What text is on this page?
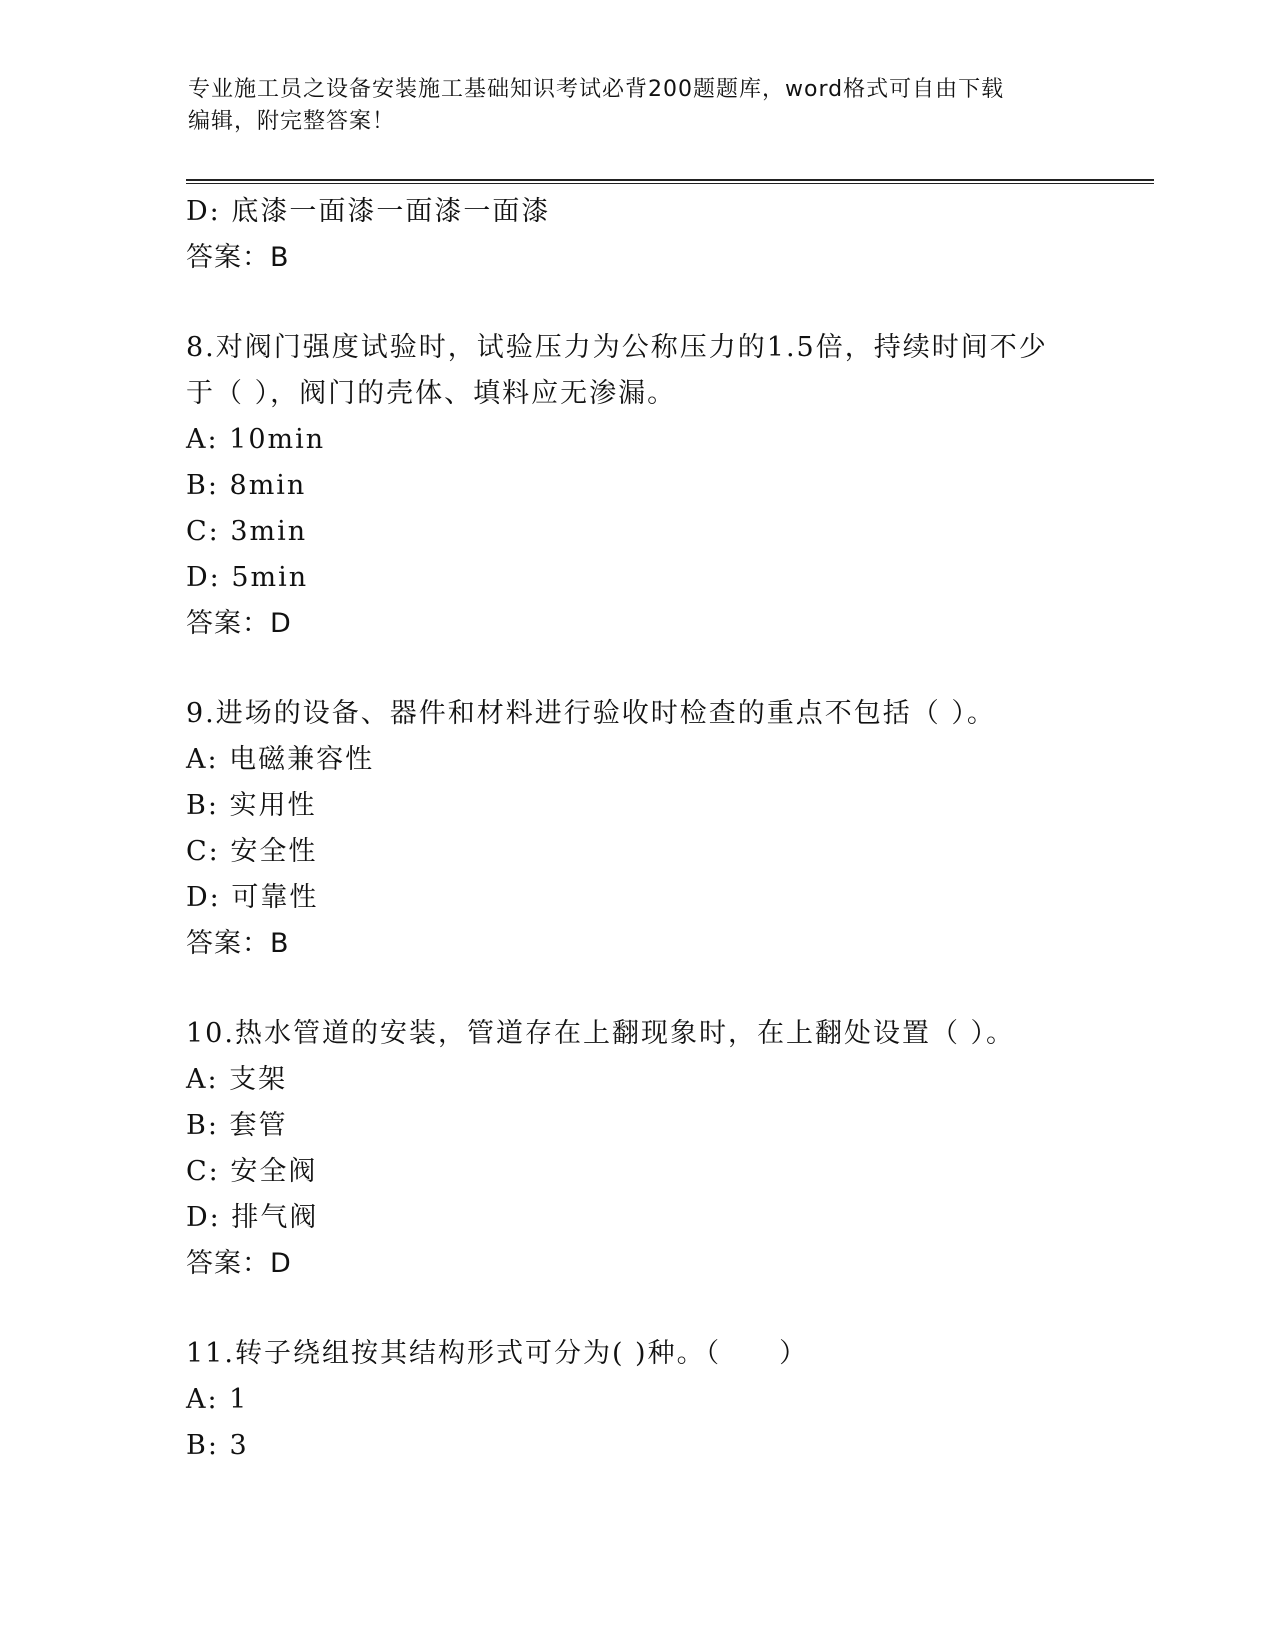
专业施工员之设备安装施工基础知识考试必背200题题库，word格式可自由下载
编辑，附完整答案！
D: 底漆一面漆一面漆一面漆
答案：B
8.对阀门强度试验时，试验压力为公称压力的1.5倍，持续时间不少
于（ ），阀门的壳体、填料应无渗漏。
A: 10min
B: 8min
C: 3min
D: 5min
答案：D
9.进场的设备、器件和材料进行验收时检查的重点不包括（ ）。
A: 电磁兼容性
B: 实用性
C: 安全性
D: 可靠性
答案：B
10.热水管道的安装，管道存在上翻现象时，在上翻处设置（ ）。
A: 支架
B: 套管
C: 安全阀
D: 排气阀
答案：D
11.转子绕组按其结构形式可分为( )种。（　　）
A: 1
B: 3
